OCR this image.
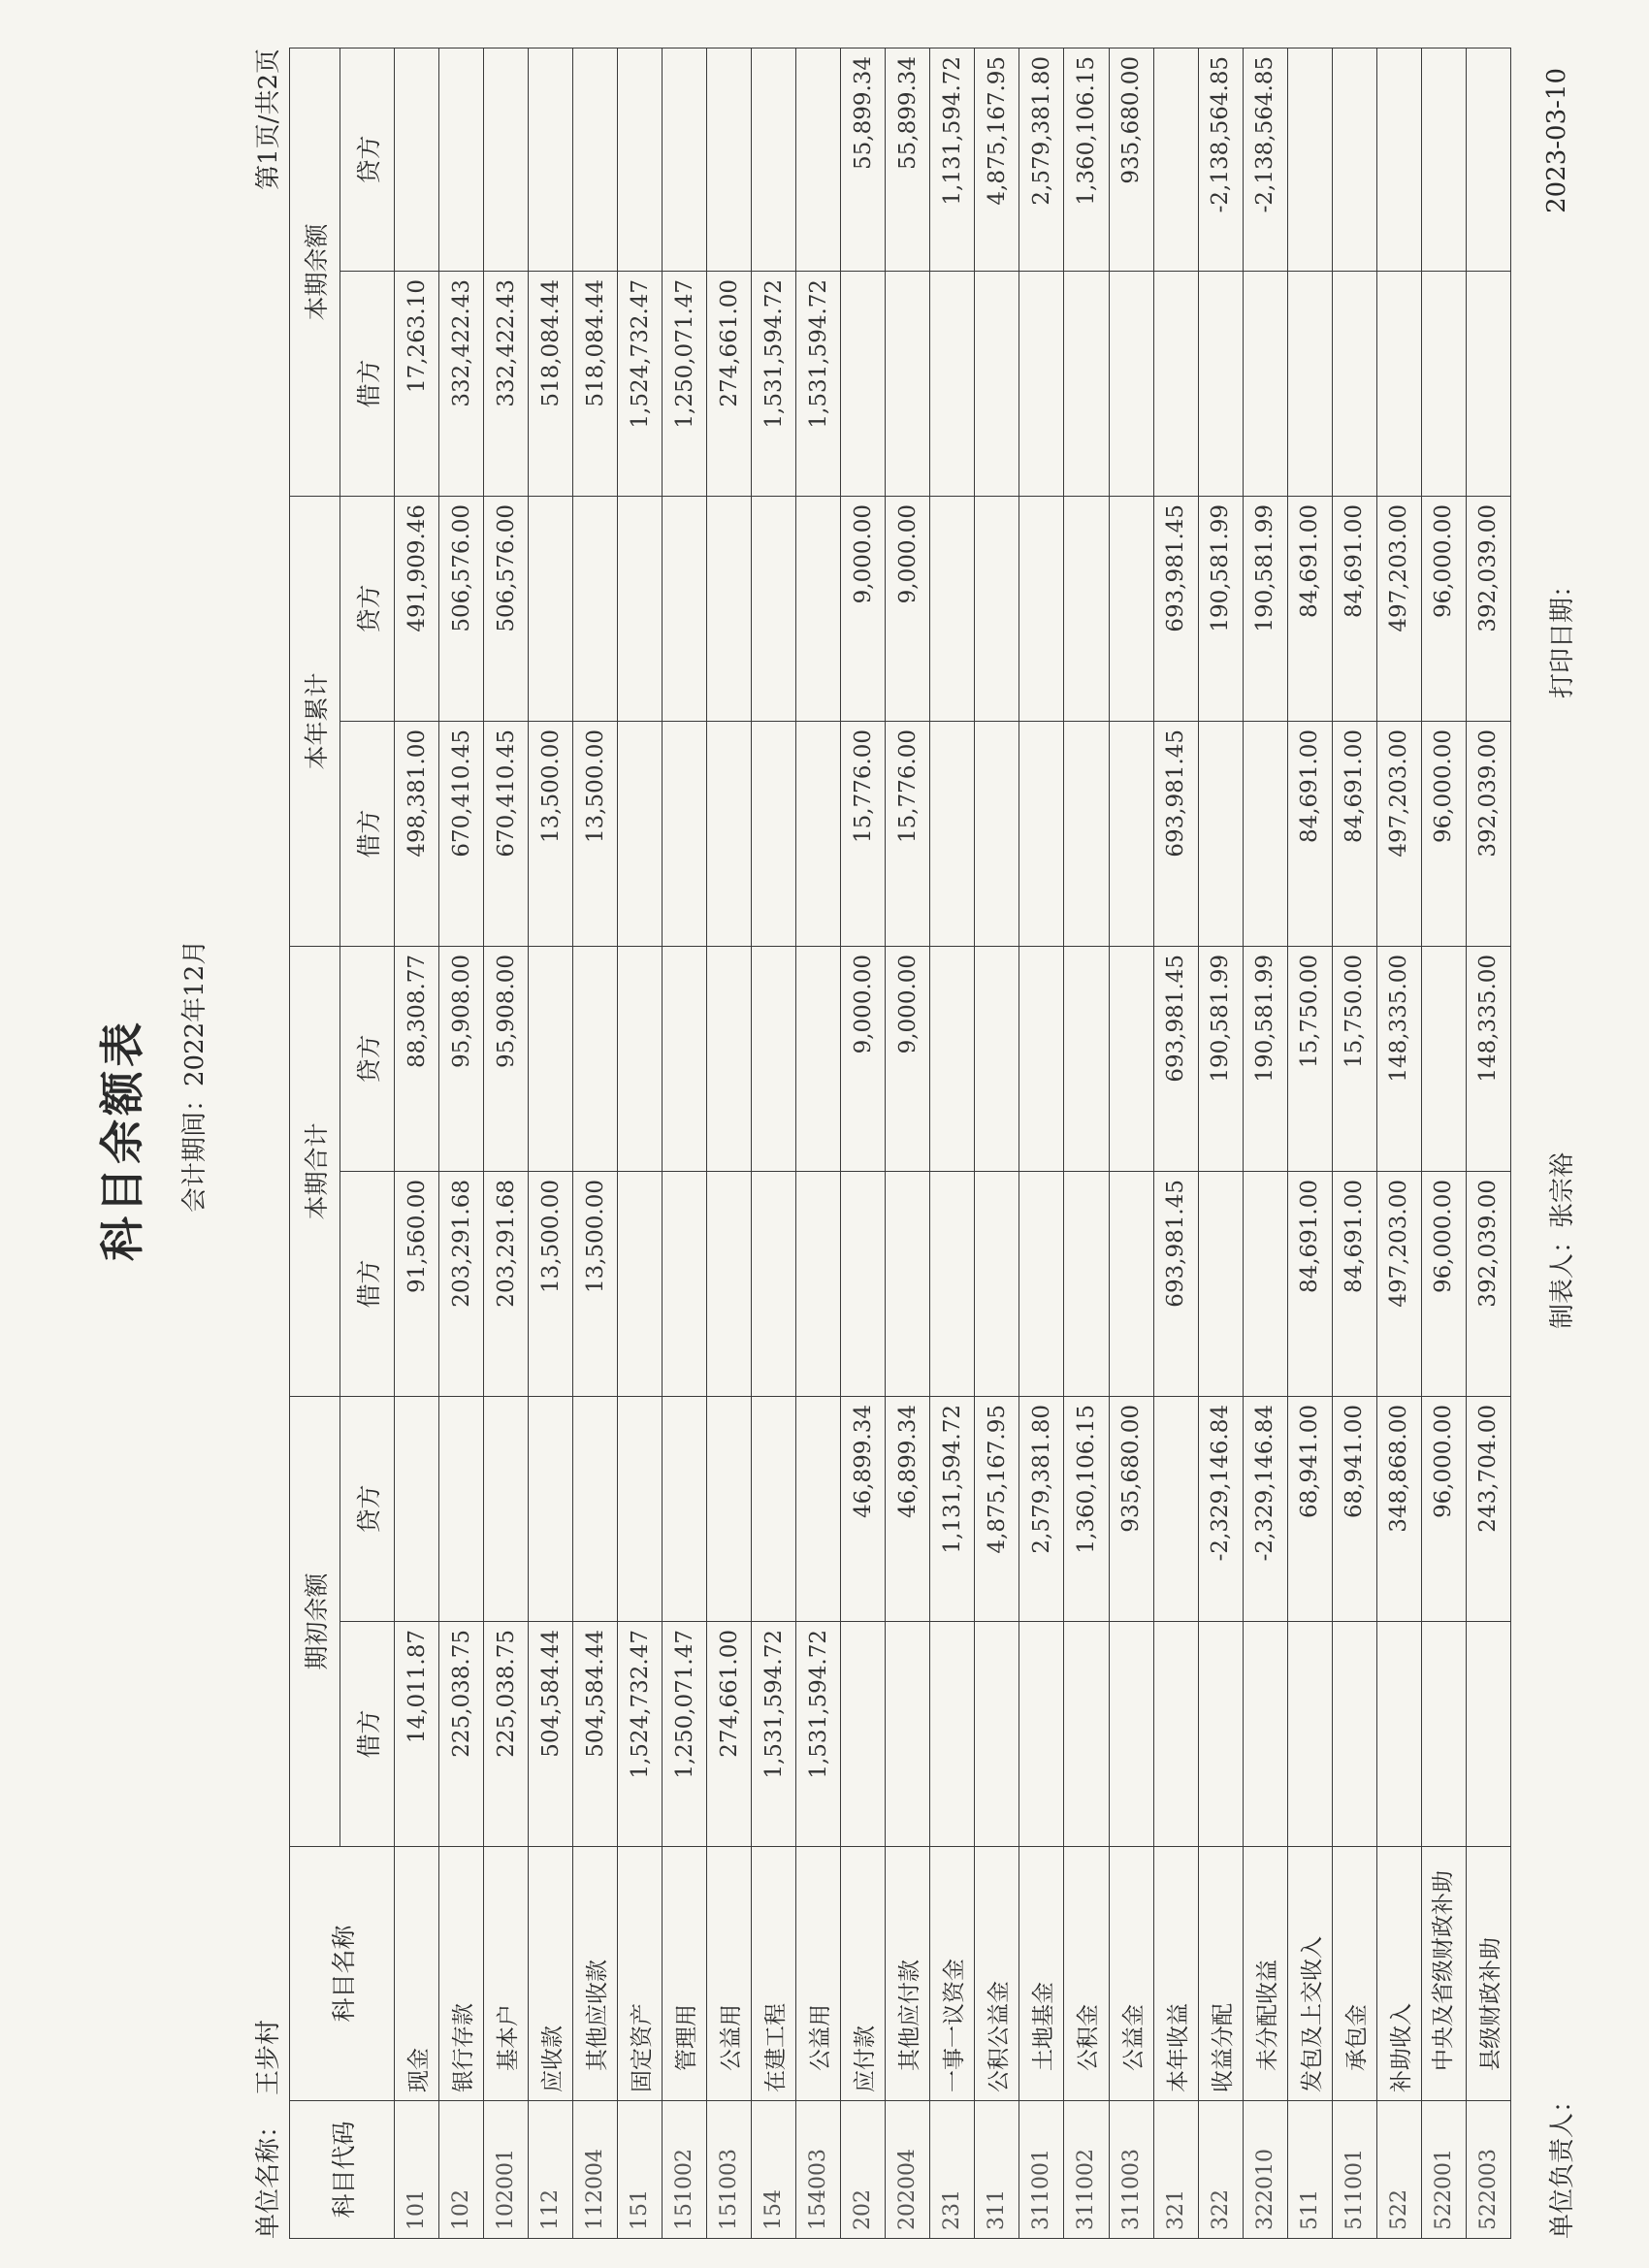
科目余额表 会计期间：2022年12月
单位名称：王步村
第1页/共2页
科目代码	科目名称	期初余额		本期合计		本年累计		本期余额	
		借方	贷方	借方	贷方	借方	贷方	借方	贷方
101	现金	14,011.87		91,560.00	88,308.77	498,381.00	491,909.46	17,263.10	
102	银行存款	225,038.75		203,291.68	95,908.00	670,410.45	506,576.00	332,422.43	
102001	基本户	225,038.75		203,291.68	95,908.00	670,410.45	506,576.00	332,422.43	
112	应收款	504,584.44		13,500.00		13,500.00		518,084.44	
112004	其他应收款	504,584.44		13,500.00		13,500.00		518,084.44	
151	固定资产	1,524,732.47						1,524,732.47	
151002	管理用	1,250,071.47						1,250,071.47	
151003	公益用	274,661.00						274,661.00	
154	在建工程	1,531,594.72						1,531,594.72	
154003	公益用	1,531,594.72						1,531,594.72	
202	应付款		46,899.34		9,000.00	15,776.00	9,000.00		55,899.34
202004	其他应付款		46,899.34		9,000.00	15,776.00	9,000.00		55,899.34
231	一事一议资金		1,131,594.72						1,131,594.72
311	公积公益金		4,875,167.95						4,875,167.95
311001	土地基金		2,579,381.80						2,579,381.80
311002	公积金		1,360,106.15						1,360,106.15
311003	公益金		935,680.00						935,680.00
321	本年收益			693,981.45	693,981.45	693,981.45	693,981.45		
322	收益分配		-2,329,146.84		190,581.99		190,581.99		-2,138,564.85
322010	未分配收益		-2,329,146.84		190,581.99		190,581.99		-2,138,564.85
511	发包及上交收入		68,941.00	84,691.00	15,750.00	84,691.00	84,691.00		
511001	承包金		68,941.00	84,691.00	15,750.00	84,691.00	84,691.00		
522	补助收入		348,868.00	497,203.00	148,335.00	497,203.00	497,203.00		
522001	中央及省级财政补助		96,000.00	96,000.00		96,000.00	96,000.00		
522003	县级财政补助		243,704.00	392,039.00	148,335.00	392,039.00	392,039.00		
单位负责人：
制表人：张宗裕
打印日期：
2023-03-10
